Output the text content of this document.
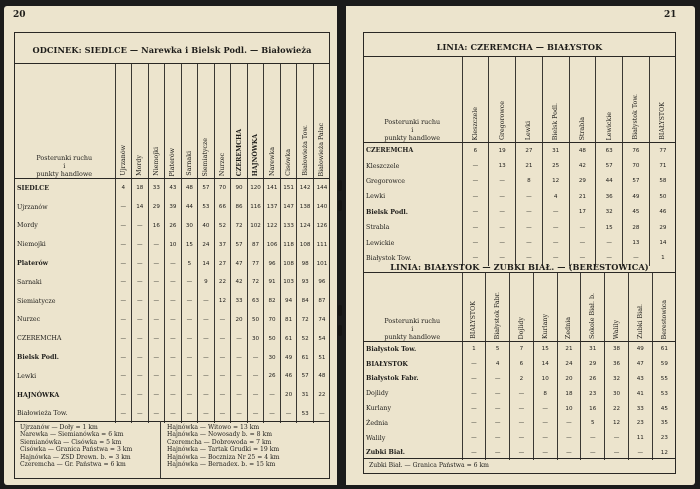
20
ODCINEK: SIEDLCE — Narewka i Bielsk Podl. — Białowieża
Posterunki ruchu
i
punkty handlowe	Ujrzanów	Mordy	Niemojki	Platerów	Sarnaki	Siemiatycze	Nurzec	CZEREMCHA	HAJNÓWKA	Narewka	Cisówka	Białowieża Tow.	Białowieża Pałac
SIEDLCE	4	18	33	43	48	57	70	90	120	141	151	142	144
Ujrzanów	—	14	29	39	44	53	66	86	116	137	147	138	140
Mordy	—	—	16	26	30	40	52	72	102	122	133	124	126
Niemojki	—	—	—	10	15	24	37	57	87	106	118	108	111
Platerów	—	—	—	—	5	14	27	47	77	96	108	98	101
Sarnaki	—	—	—	—	—	9	22	42	72	91	103	93	96
Siemiatycze	—	—	—	—	—	—	12	33	63	82	94	84	87
Nurzec	—	—	—	—	—	—	—	20	50	70	81	72	74
CZEREMCHA	—	—	—	—	—	—	—	—	30	50	61	52	54
Bielsk Podl.	—	—	—	—	—	—	—	—	—	30	49	61	51
Lewki	—	—	—	—	—	—	—	—	—	26	46	57	48
HAJNÓWKA	—	—	—	—	—	—	—	—	—	—	20	31	22
Białowieża Tow.	—	—	—	—	—	—	—	—	—	—	—	53	—
Ujrzanów — Doły = 1 km
Narewka — Siemianówka = 6 km
Siemianówka — Cisówka = 5 km
Cisówka — Granica Państwa = 3 km
Hajnówka — ZSD Drewn. b. = 3 km
Czeremcha — Gr. Państwa = 6 km
Hajnówka — Witowo = 13 km
Hajnówka — Nowosady b. = 8 km
Czeremcha — Dobrowoda = 7 km
Hajnówka — Tartak Grudki = 19 km
Hajnówka — Boczniza Nr 25 = 4 km
Hajnówka — Bernadex. b. = 15 km
21
LINIA: CZEREMCHA — BIAŁYSTOK
Posterunki ruchu
i
punkty handlowe	Kleszczele	Gregorowce	Lewki	Bielsk Podl.	Strabla	Lewickie	Białystok Tow.	BIAŁYSTOK
CZEREMCHA	6	19	27	31	48	63	76	77
Kleszczele	—	13	21	25	42	57	70	71
Gregorowce	—	—	8	12	29	44	57	58
Lewki	—	—	—	4	21	36	49	50
Bielsk Podl.	—	—	—	—	17	32	45	46
Strabla	—	—	—	—	—	15	28	29
Lewickie	—	—	—	—	—	—	13	14
Białystok Tow.	—	—	—	—	—	—	—	1
LINIA: BIAŁYSTOK — ZUBKI BIAŁ. — (BERESTOWICA)
Posterunki ruchu
i
punkty handlowe	BIAŁYSTOK	Białystok Fabr.	Dojlidy	Kurlany	Żednia	Sokole Biał. b.	Walily	Zubki Biał.	Berestowica
Białystok Tow.	1	5	7	15	21	31	38	49	61
BIAŁYSTOK	—	4	6	14	24	29	36	47	59
Białystok Fabr.	—	—	2	10	20	26	32	43	55
Dojlidy	—	—	—	8	18	23	30	41	53
Kurlany	—	—	—	—	10	16	22	33	45
Żednia	—	—	—	—	—	5	12	23	35
Walily	—	—	—	—	—	—	—	11	23
Zubki Biał.	—	—	—	—	—	—	—	—	12
Zubki Biał. — Granica Państwa = 6 km
